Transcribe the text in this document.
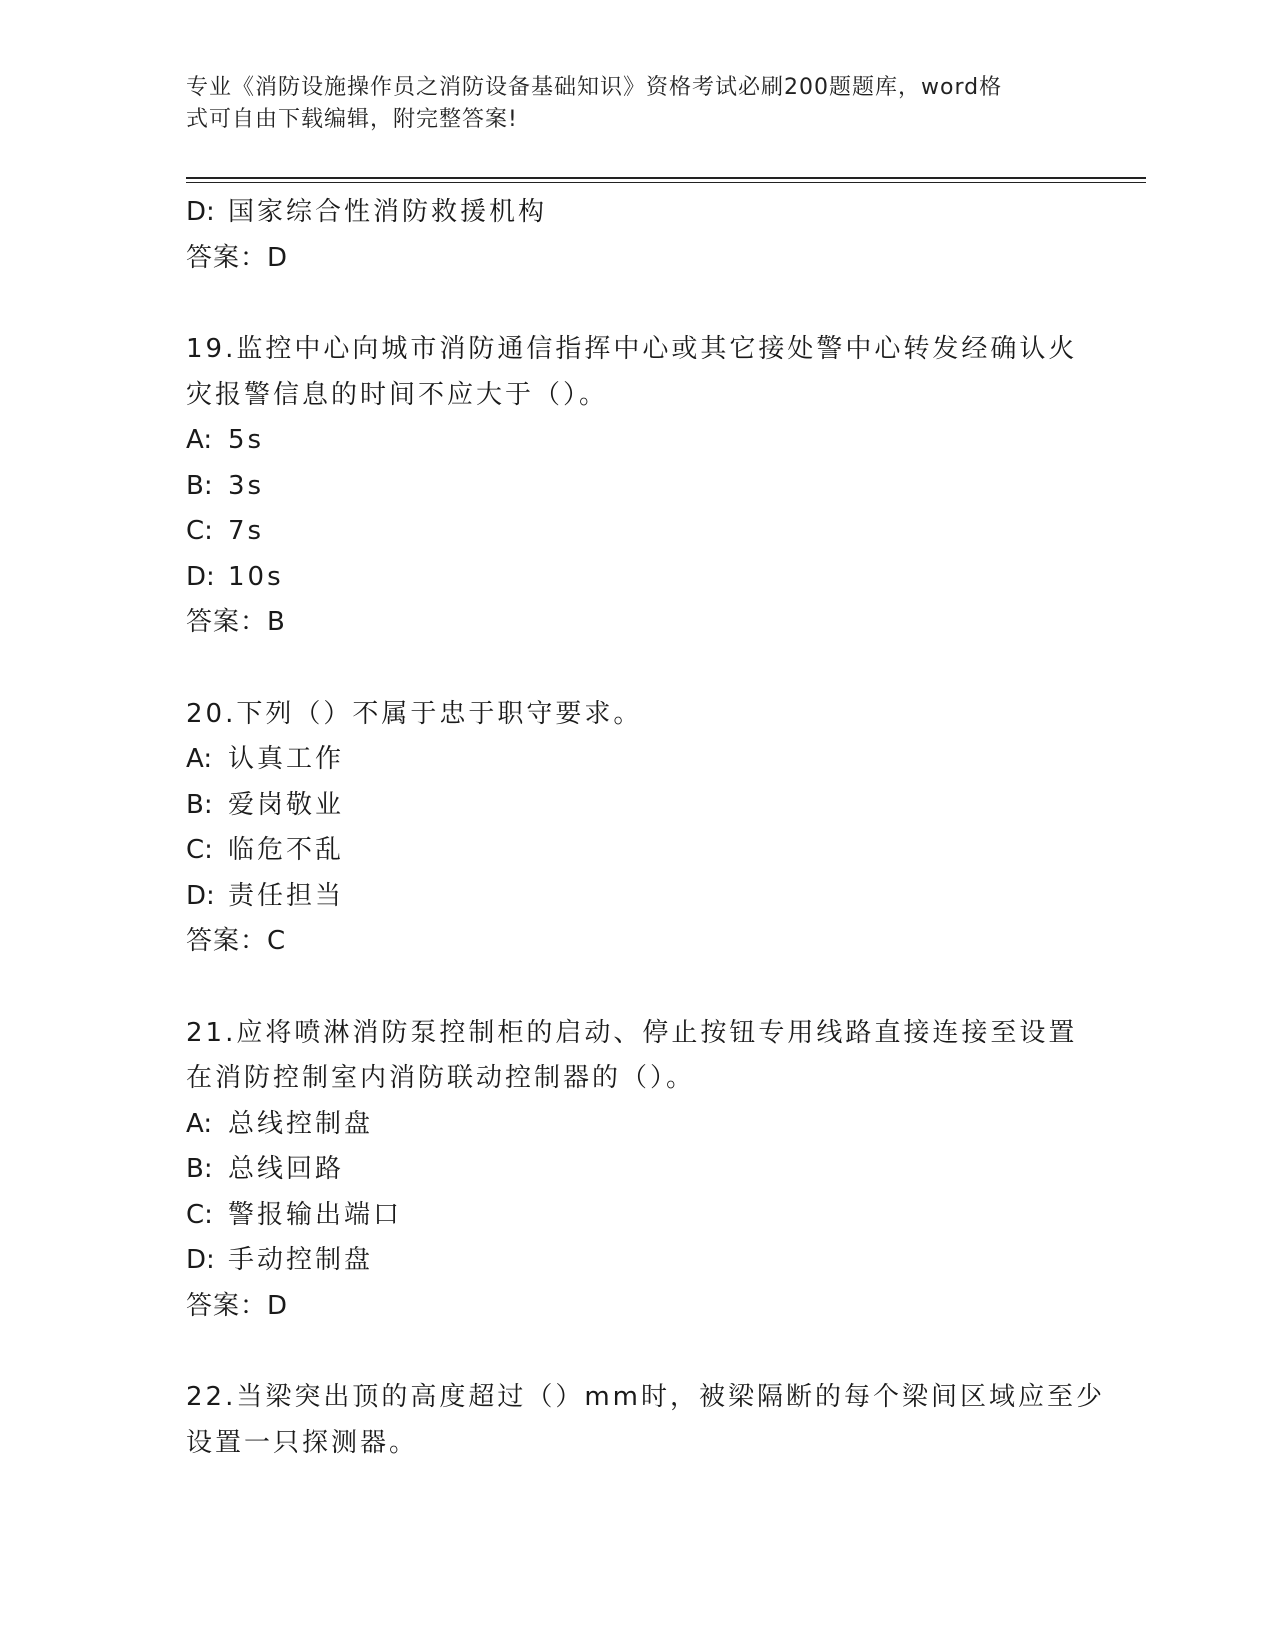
专业《消防设施操作员之消防设备基础知识》资格考试必刷200题题库，word格
式可自由下载编辑，附完整答案!
D: 国家综合性消防救援机构
答案：D
19.监控中心向城市消防通信指挥中心或其它接处警中心转发经确认火
灾报警信息的时间不应大于（）。
A: 5s
B: 3s
C: 7s
D: 10s
答案：B
20.下列（）不属于忠于职守要求。
A: 认真工作
B: 爱岗敬业
C: 临危不乱
D: 责任担当
答案：C
21.应将喷淋消防泵控制柜的启动、停止按钮专用线路直接连接至设置
在消防控制室内消防联动控制器的（）。
A: 总线控制盘
B: 总线回路
C: 警报输出端口
D: 手动控制盘
答案：D
22.当梁突出顶的高度超过（）mm时，被梁隔断的每个梁间区域应至少
设置一只探测器。
